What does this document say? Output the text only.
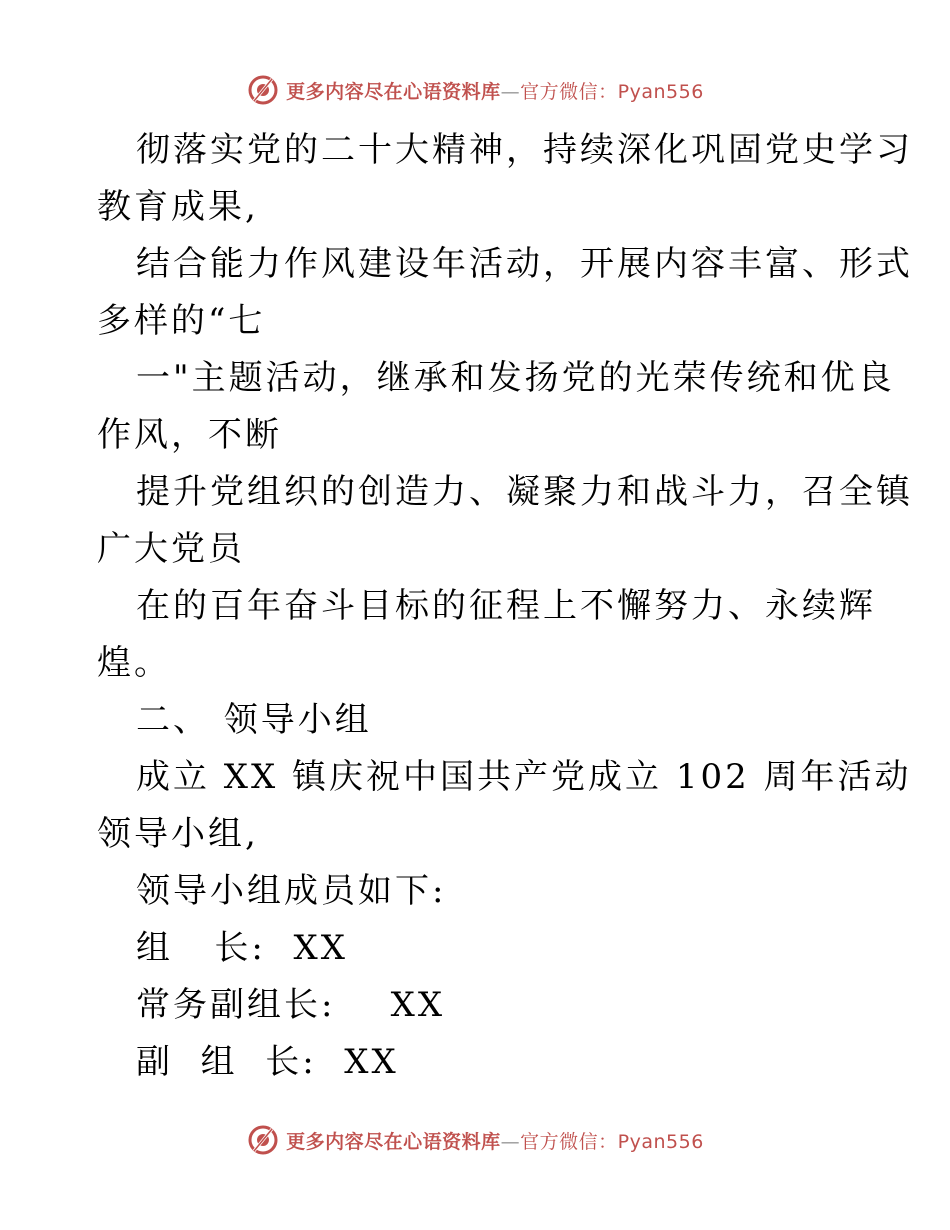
更多内容尽在心语资料库—官方微信：Pyan556
彻落实党的二十大精神，持续深化巩固党史学习
教育成果,
结合能力作风建设年活动，开展内容丰富、形式
多样的“七
一"主题活动，继承和发扬党的光荣传统和优良
作风，不断
提升党组织的创造力、凝聚力和战斗力，召全镇
广大党员
在的百年奋斗目标的征程上不懈努力、永续辉
煌。
二、 领导小组
成立 XX 镇庆祝中国共产党成立 102 周年活动
领导小组,
领导小组成员如下:
组   长:  XX
常务副组长:    XX
副  组  长:  XX
更多内容尽在心语资料库—官方微信：Pyan556
